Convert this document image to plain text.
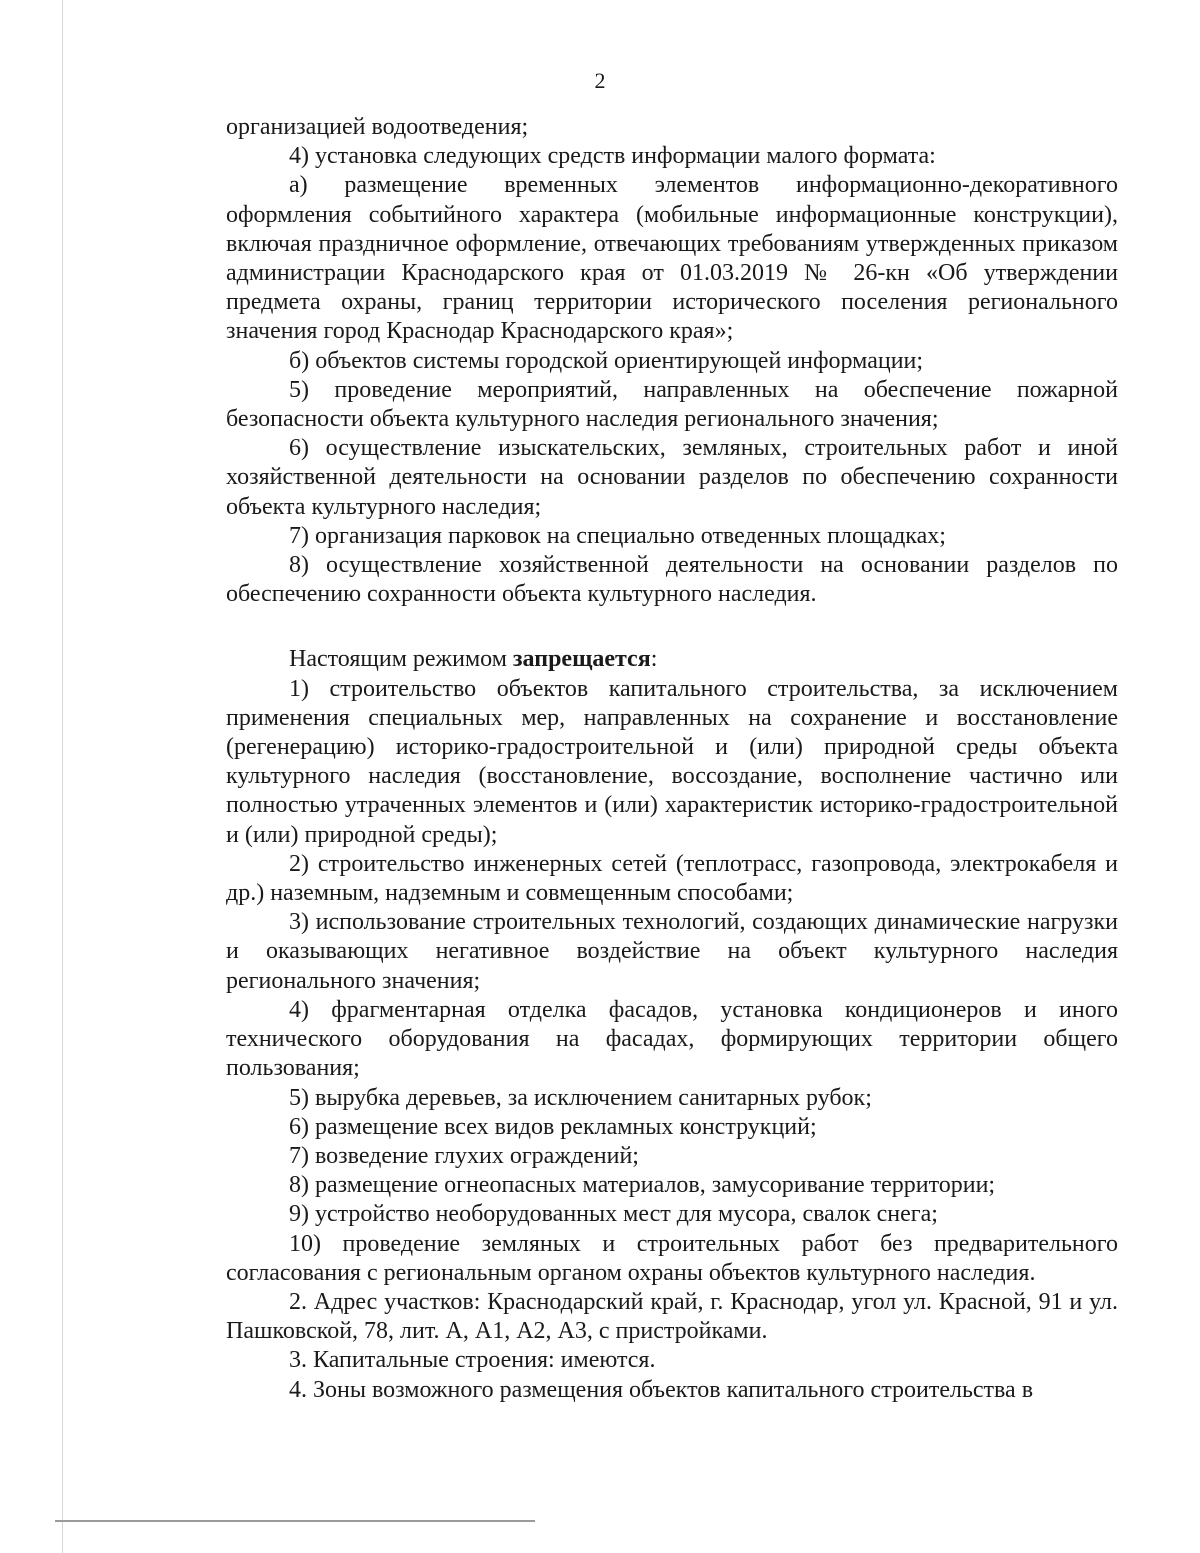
2

организацией водоотведения;

4) установка следующих средств информации малого формата:

а) размещение временных элементов информационно-декоративного оформления событийного характера (мобильные информационные конструкции), включая праздничное оформление, отвечающих требованиям утвержденных приказом администрации Краснодарского края от 01.03.2019 № 26-кн «Об утверждении предмета охраны, границ территории исторического поселения регионального значения город Краснодар Краснодарского края»;

б) объектов системы городской ориентирующей информации;

5) проведение мероприятий, направленных на обеспечение пожарной безопасности объекта культурного наследия регионального значения;

6) осуществление изыскательских, земляных, строительных работ и иной хозяйственной деятельности на основании разделов по обеспечению сохранности объекта культурного наследия;

7) организация парковок на специально отведенных площадках;

8) осуществление хозяйственной деятельности на основании разделов по обеспечению сохранности объекта культурного наследия.

Настоящим режимом запрещается:

1) строительство объектов капитального строительства, за исключением применения специальных мер, направленных на сохранение и восстановление (регенерацию) историко-градостроительной и (или) природной среды объекта культурного наследия (восстановление, воссоздание, восполнение частично или полностью утраченных элементов и (или) характеристик историко-градостроительной и (или) природной среды);

2) строительство инженерных сетей (теплотрасс, газопровода, электрокабеля и др.) наземным, надземным и совмещенным способами;

3) использование строительных технологий, создающих динамические нагрузки и оказывающих негативное воздействие на объект культурного наследия регионального значения;

4) фрагментарная отделка фасадов, установка кондиционеров и иного технического оборудования на фасадах, формирующих территории общего пользования;

5) вырубка деревьев, за исключением санитарных рубок;

6) размещение всех видов рекламных конструкций;

7) возведение глухих ограждений;

8) размещение огнеопасных материалов, замусоривание территории;

9) устройство необорудованных мест для мусора, свалок снега;

10) проведение земляных и строительных работ без предварительного согласования с региональным органом охраны объектов культурного наследия.

2. Адрес участков: Краснодарский край, г. Краснодар, угол ул. Красной, 91 и ул. Пашковской, 78, лит. А, А1, А2, А3, с пристройками.

3. Капитальные строения: имеются.

4. Зоны возможного размещения объектов капитального строительства в
